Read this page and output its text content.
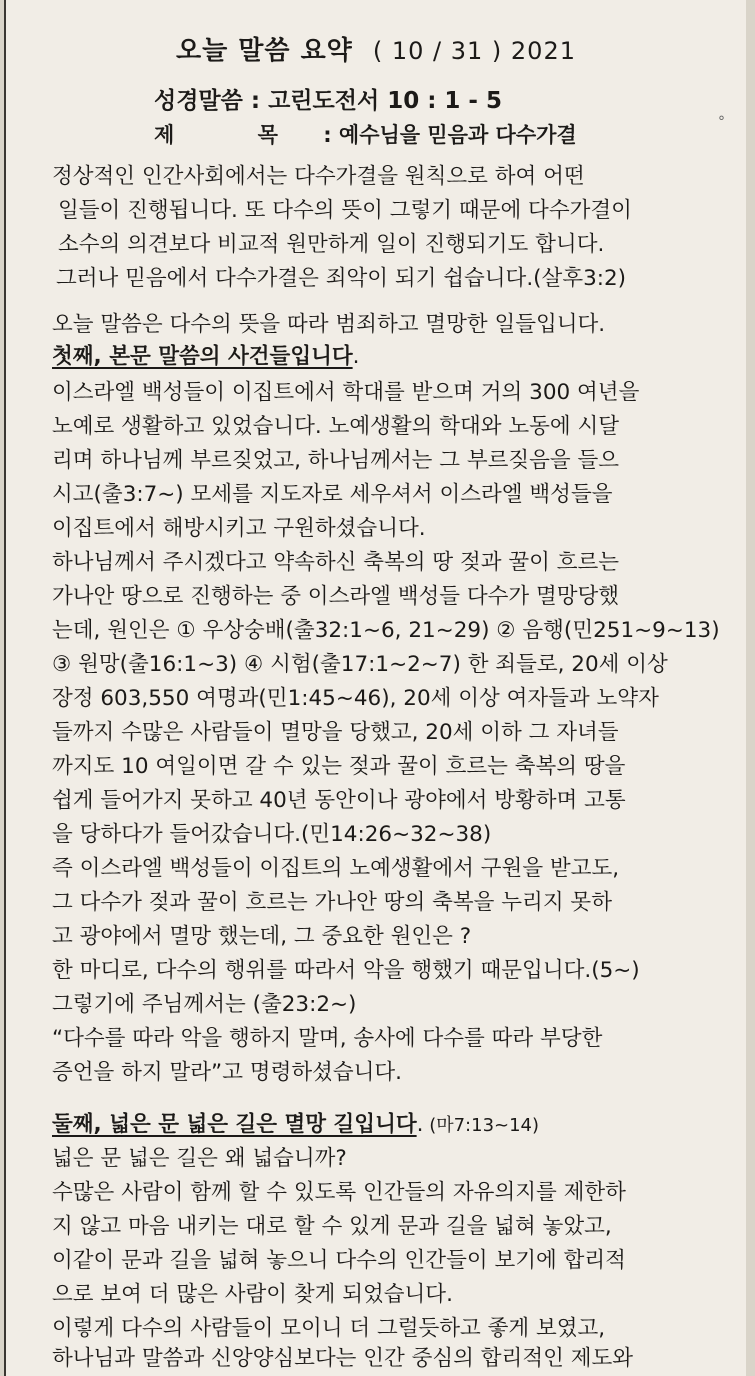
오늘 말씀 요약 ( 10 / 31 ) 2021
성경말씀 : 고린도전서 10 : 1 - 5
제 목 : 예수님을 믿음과 다수가결
°
정상적인 인간사회에서는 다수가결을 원칙으로 하여 어떤
일들이 진행됩니다. 또 다수의 뜻이 그렇기 때문에 다수가결이
소수의 의견보다 비교적 원만하게 일이 진행되기도 합니다.
그러나 믿음에서 다수가결은 죄악이 되기 쉽습니다.(살후3:2)
오늘 말씀은 다수의 뜻을 따라 범죄하고 멸망한 일들입니다.
첫째, 본문 말씀의 사건들입니다.
이스라엘 백성들이 이집트에서 학대를 받으며 거의 300 여년을
노예로 생활하고 있었습니다. 노예생활의 학대와 노동에 시달
리며 하나님께 부르짖었고, 하나님께서는 그 부르짖음을 들으
시고(출3:7~) 모세를 지도자로 세우셔서 이스라엘 백성들을
이집트에서 해방시키고 구원하셨습니다.
하나님께서 주시겠다고 약속하신 축복의 땅 젖과 꿀이 흐르는
가나안 땅으로 진행하는 중 이스라엘 백성들 다수가 멸망당했
는데, 원인은 ① 우상숭배(출32:1~6, 21~29) ② 음행(민251~9~13)
③ 원망(출16:1~3) ④ 시험(출17:1~2~7) 한 죄들로, 20세 이상
장정 603,550 여명과(민1:45~46), 20세 이상 여자들과 노약자
들까지 수많은 사람들이 멸망을 당했고, 20세 이하 그 자녀들
까지도 10 여일이면 갈 수 있는 젖과 꿀이 흐르는 축복의 땅을
쉽게 들어가지 못하고 40년 동안이나 광야에서 방황하며 고통
을 당하다가 들어갔습니다.(민14:26~32~38)
즉 이스라엘 백성들이 이집트의 노예생활에서 구원을 받고도,
그 다수가 젖과 꿀이 흐르는 가나안 땅의 축복을 누리지 못하
고 광야에서 멸망 했는데, 그 중요한 원인은 ?
한 마디로, 다수의 행위를 따라서 악을 행했기 때문입니다.(5~)
그렇기에 주님께서는 (출23:2~)
“다수를 따라 악을 행하지 말며, 송사에 다수를 따라 부당한
증언을 하지 말라”고 명령하셨습니다.
둘째, 넓은 문 넓은 길은 멸망 길입니다. (마7:13~14)
넓은 문 넓은 길은 왜 넓습니까?
수많은 사람이 함께 할 수 있도록 인간들의 자유의지를 제한하
지 않고 마음 내키는 대로 할 수 있게 문과 길을 넓혀 놓았고,
이같이 문과 길을 넓혀 놓으니 다수의 인간들이 보기에 합리적
으로 보여 더 많은 사람이 찾게 되었습니다.
이렇게 다수의 사람들이 모이니 더 그럴듯하고 좋게 보였고,
하나님과 말씀과 신앙양심보다는 인간 중심의 합리적인 제도와
